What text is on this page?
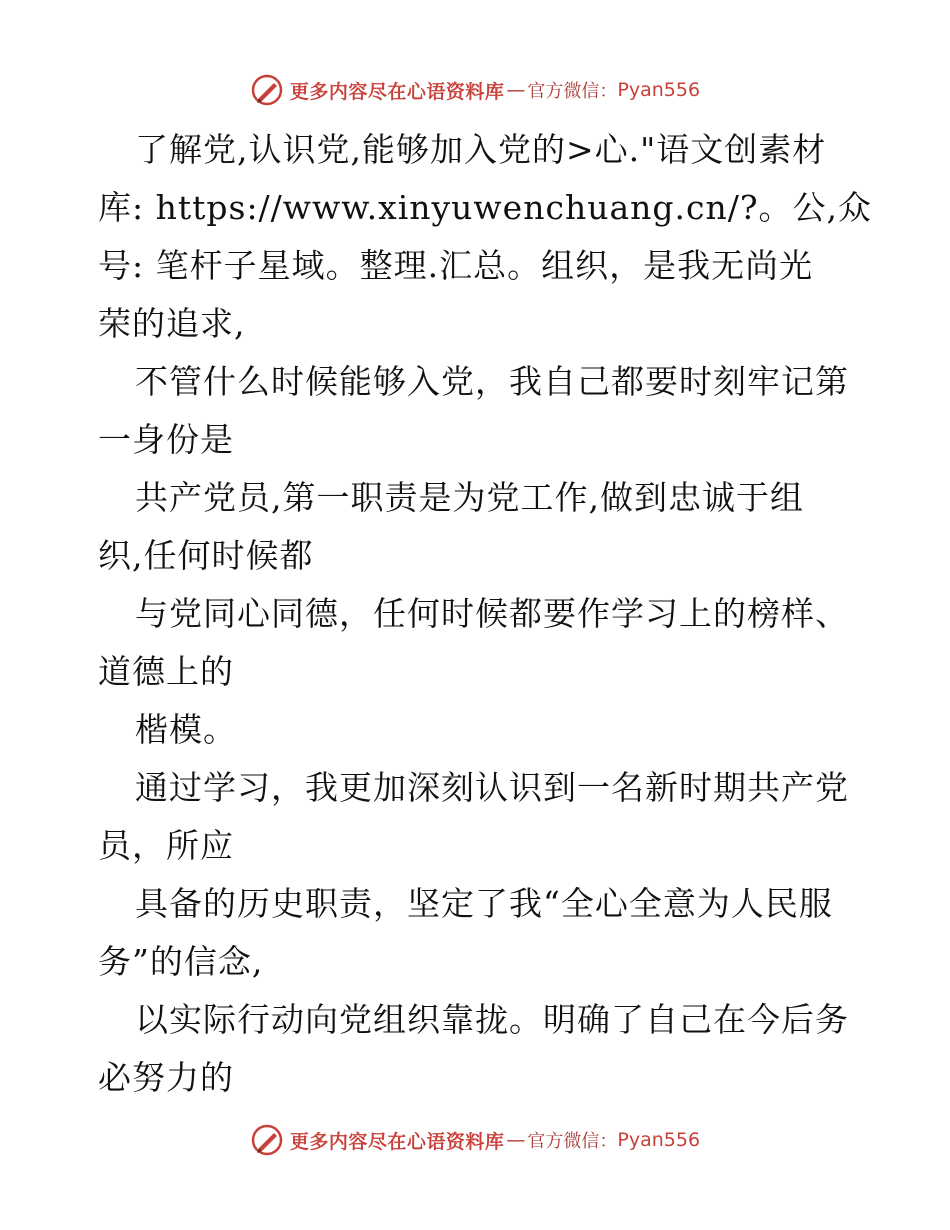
更多内容尽在心语资料库 — 官方微信： Pyan556
了解党,认识党,能够加入党的>心."语文创素材
库: https://www.xinyuwenchuang.cn/?。公,众
号: 笔杆子星域。整理.汇总。组织，是我无尚光
荣的追求,
不管什么时候能够入党，我自己都要时刻牢记第
一身份是
共产党员,第一职责是为党工作,做到忠诚于组
织,任何时候都
与党同心同德，任何时候都要作学习上的榜样、
道德上的
楷模。
通过学习，我更加深刻认识到一名新时期共产党
员，所应
具备的历史职责，坚定了我“全心全意为人民服
务”的信念,
以实际行动向党组织靠拢。明确了自己在今后务
必努力的
更多内容尽在心语资料库 — 官方微信： Pyan556
